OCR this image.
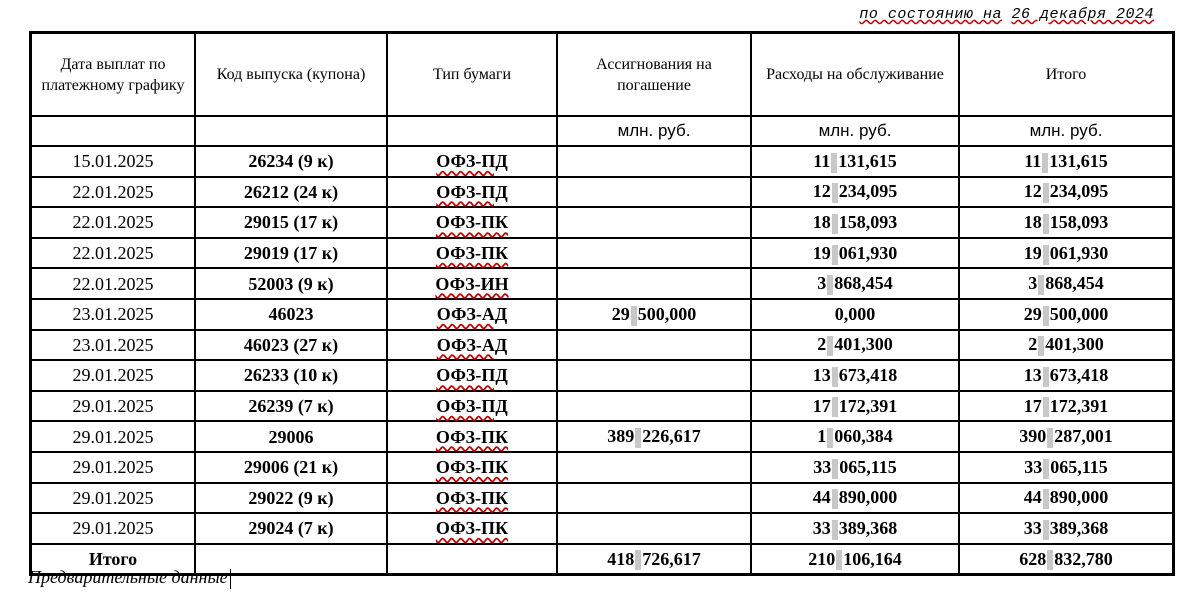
по состоянию на 26 декабря 2024
Дата выплат по платежному графику	Код выпуска (купона)	Тип бумаги	Ассигнования на погашение	Расходы на обслуживание	Итого
			млн. руб.	млн. руб.	млн. руб.
15.01.2025	26234 (9 к)	ОФЗ-ПД		11 131,615	11 131,615
22.01.2025	26212 (24 к)	ОФЗ-ПД		12 234,095	12 234,095
22.01.2025	29015 (17 к)	ОФЗ-ПК		18 158,093	18 158,093
22.01.2025	29019 (17 к)	ОФЗ-ПК		19 061,930	19 061,930
22.01.2025	52003 (9 к)	ОФЗ-ИН		3 868,454	3 868,454
23.01.2025	46023	ОФЗ-АД	29 500,000	0,000	29 500,000
23.01.2025	46023 (27 к)	ОФЗ-АД		2 401,300	2 401,300
29.01.2025	26233 (10 к)	ОФЗ-ПД		13 673,418	13 673,418
29.01.2025	26239 (7 к)	ОФЗ-ПД		17 172,391	17 172,391
29.01.2025	29006	ОФЗ-ПК	389 226,617	1 060,384	390 287,001
29.01.2025	29006 (21 к)	ОФЗ-ПК		33 065,115	33 065,115
29.01.2025	29022 (9 к)	ОФЗ-ПК		44 890,000	44 890,000
29.01.2025	29024 (7 к)	ОФЗ-ПК		33 389,368	33 389,368
Итого			418 726,617	210 106,164	628 832,780
Предварительные данные
